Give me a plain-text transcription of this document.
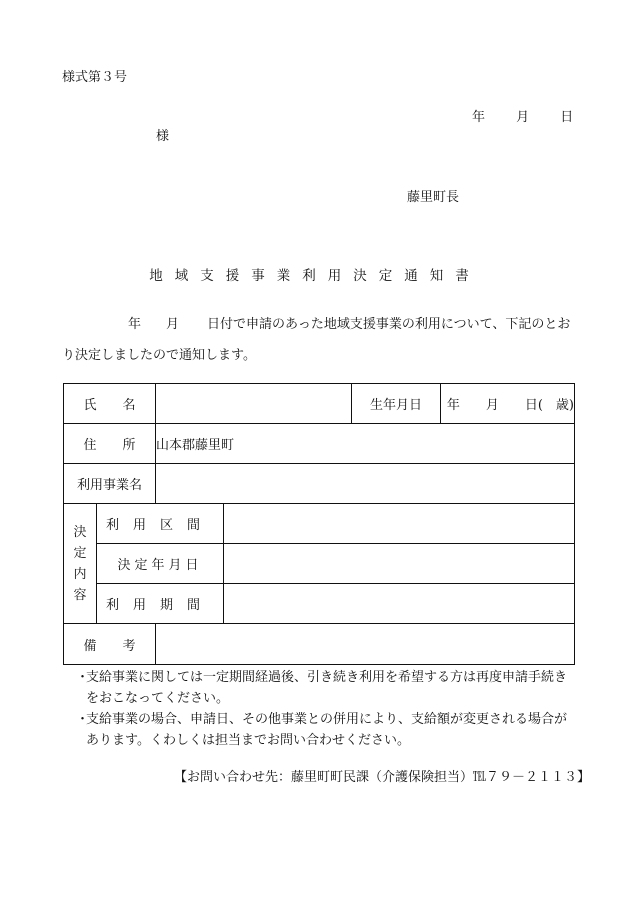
様式第３号
年 月 日
様
藤里町長
地域支援事業利用決定通知書
年 月 日付で申請のあった地域支援事業の利用について、下記のとおり決定しましたので通知します。
氏　　名				生年月日	年　　月　　日(　歳)
住　　所		山本郡藤里町			
利用事業名					

決
定
内
容	利用区間				
	決定年月日				
	利用期間				
備　　考					
・
支給事業に関しては一定期間経過後、引き続き利用を希望する方は再度申請手続きをおこなってください。
・
支給事業の場合、申請日、その他事業との併用により、支給額が変更される場合があります。くわしくは担当までお問い合わせください。
【お問い合わせ先：藤里町町民課（介護保険担当）℡７９－２１１３】
